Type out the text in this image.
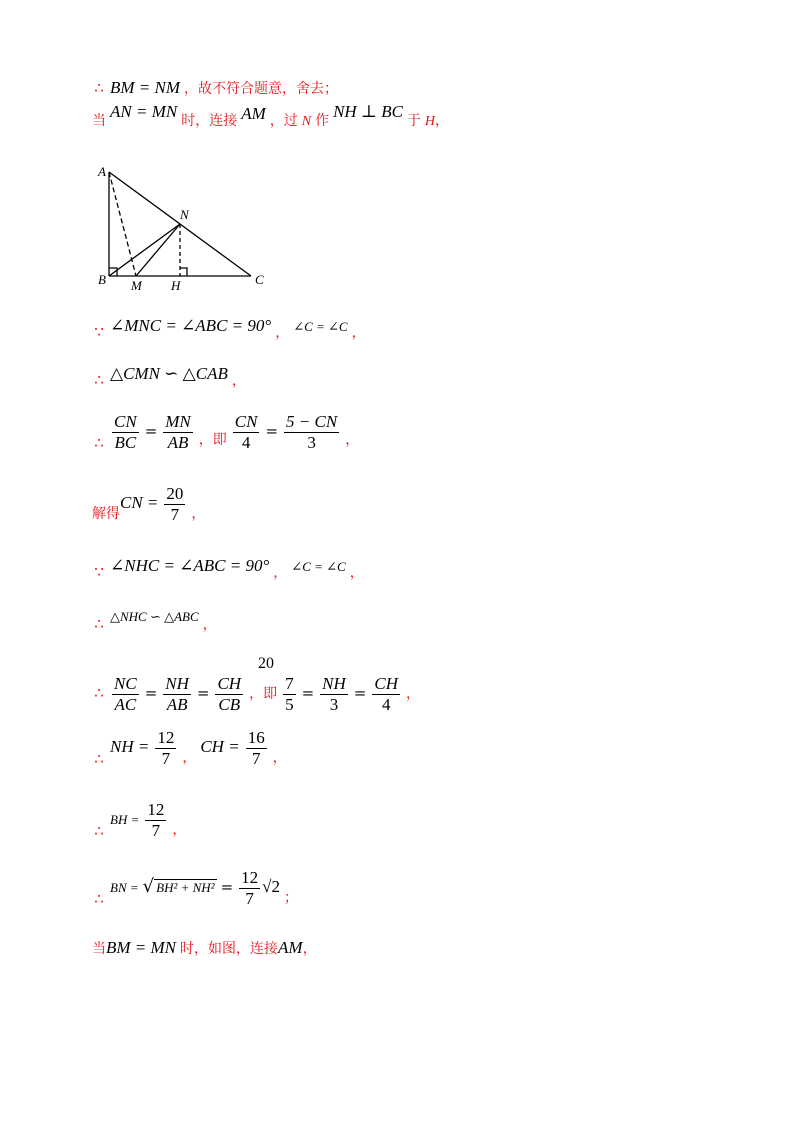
∴ BM = NM ，故不符合题意，舍去；
当 AN = MN 时，连接 AM ，过 N 作 NH ⊥ BC 于 H，
A
B M H	C
N
∵ ∠MNC = ∠ABC = 90° ， ∠C = ∠C ，
∴ △CMN ∽ △CAB ，
∴ $\frac{CN}{BC} = \frac{MN}{AB}$ ，即 $\frac{CN}{4} = \frac{5 - CN}{3}$ ，
解得CN = $\frac{20}{7}$ ，
∵ ∠NHC = ∠ABC = 90° ， ∠C = ∠C ，
∴ △NHC ∽ △ABC ，
20
∴ $\frac{NC}{AC} = \frac{NH}{AB} = \frac{CH}{CB}$ ，即 $\frac{7}{5} = \frac{NH}{3} = \frac{CH}{4}$ ，
∴ NH = $\frac{12}{7}$ ， CH = $\frac{16}{7}$ ，
∴ BH = $\frac{12}{7}$ ，
∴ BN = √ $BH^2 + NH^2 = \frac{12}{7} √2$ ；
当BM = MN 时，如图，连接AM，
